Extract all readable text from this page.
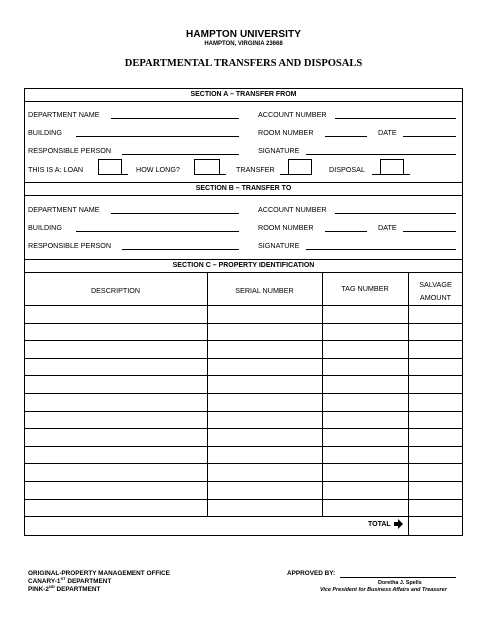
HAMPTON UNIVERSITY
HAMPTON, VIRGINIA 23668
DEPARTMENTAL TRANSFERS AND DISPOSALS
SECTION A – TRANSFER FROM
DEPARTMENT NAME	ACCOUNT NUMBER
BUILDING	ROOM NUMBER	DATE
RESPONSIBLE PERSON	SIGNATURE
THIS IS A: LOAN	HOW LONG?	TRANSFER	DISPOSAL
SECTION B – TRANSFER TO
DEPARTMENT NAME	ACCOUNT NUMBER
BUILDING	ROOM NUMBER	DATE
RESPONSIBLE PERSON	SIGNATURE
SECTION C – PROPERTY IDENTIFICATION
DESCRIPTION	SERIAL NUMBER	TAG NUMBER	SALVAGE
AMOUNT
TOTAL
ORIGINAL-PROPERTY MANAGEMENT OFFICE
CANARY-1ST DEPARTMENT
PINK-2ND DEPARTMENT
APPROVED BY:
Doretha J. Spells
Vice President for Business Affairs and Treasurer
